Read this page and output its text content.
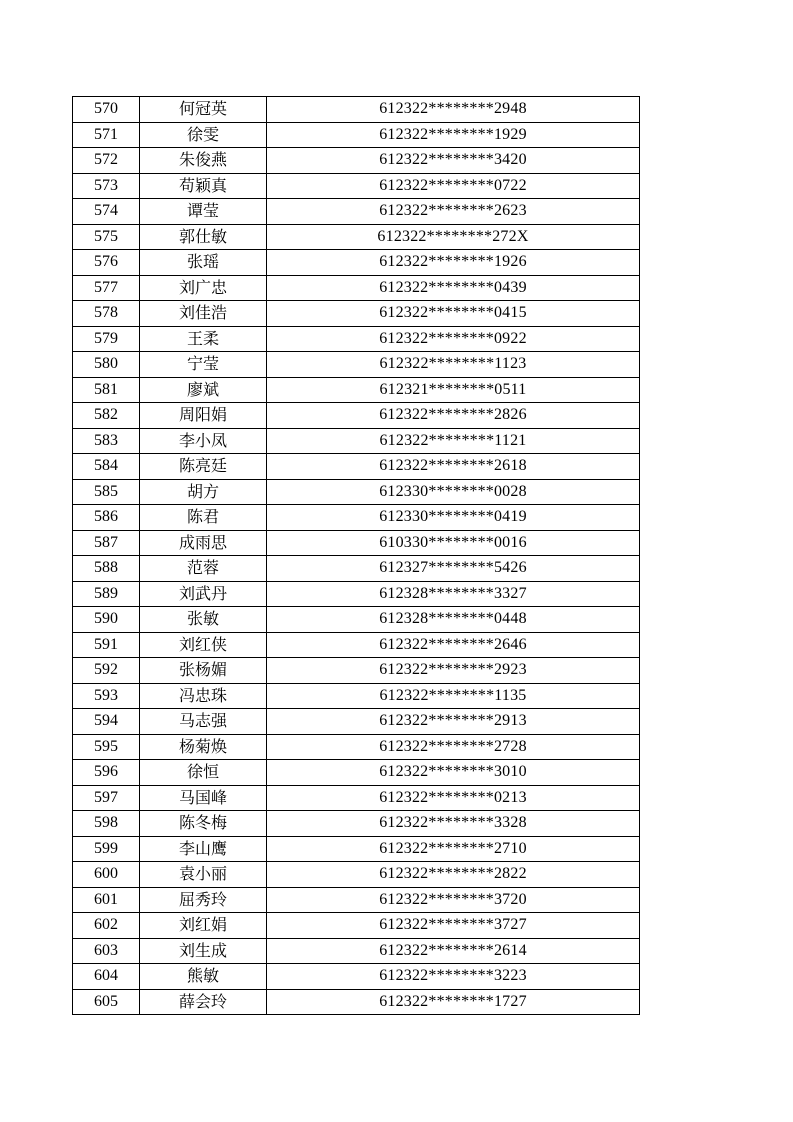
570	何冠英	612322********2948
571	徐雯	612322********1929
572	朱俊燕	612322********3420
573	苟颖真	612322********0722
574	谭莹	612322********2623
575	郭仕敏	612322********272X
576	张瑶	612322********1926
577	刘广忠	612322********0439
578	刘佳浩	612322********0415
579	王柔	612322********0922
580	宁莹	612322********1123
581	廖斌	612321********0511
582	周阳娟	612322********2826
583	李小凤	612322********1121
584	陈亮廷	612322********2618
585	胡方	612330********0028
586	陈君	612330********0419
587	成雨思	610330********0016
588	范蓉	612327********5426
589	刘武丹	612328********3327
590	张敏	612328********0448
591	刘红侠	612322********2646
592	张杨媚	612322********2923
593	冯忠珠	612322********1135
594	马志强	612322********2913
595	杨菊焕	612322********2728
596	徐恒	612322********3010
597	马国峰	612322********0213
598	陈冬梅	612322********3328
599	李山鹰	612322********2710
600	袁小丽	612322********2822
601	屈秀玲	612322********3720
602	刘红娟	612322********3727
603	刘生成	612322********2614
604	熊敏	612322********3223
605	薛会玲	612322********1727
